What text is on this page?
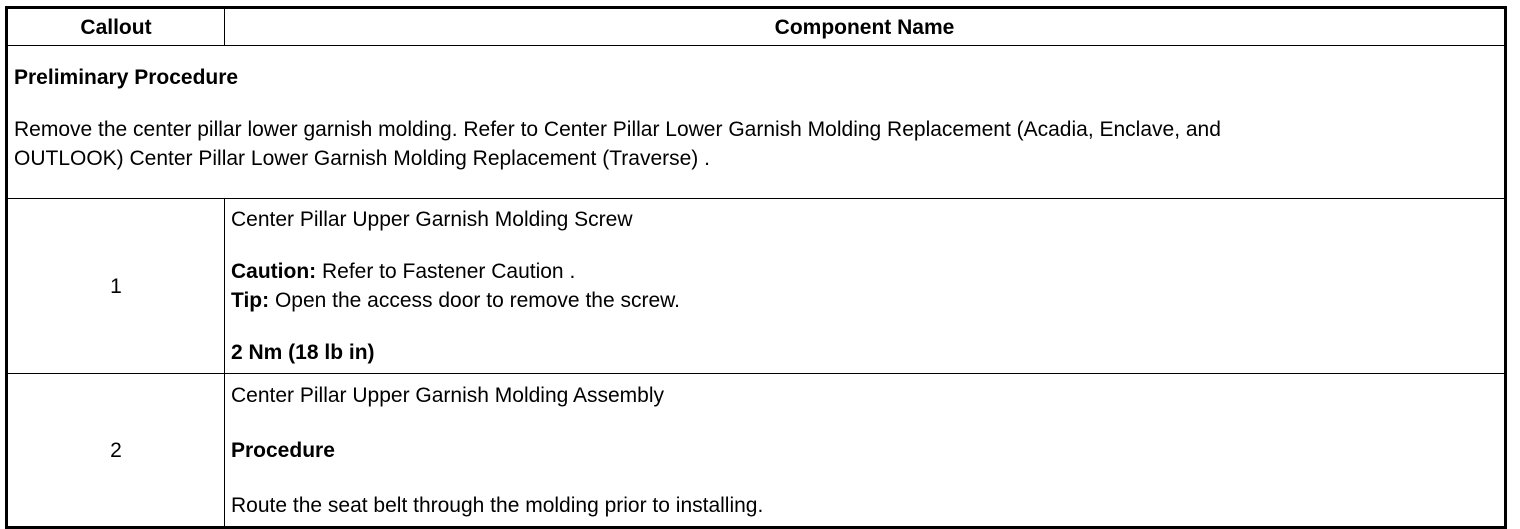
Callout	Component Name

Preliminary Procedure
Remove the center pillar lower garnish molding. Refer to Center Pillar Lower Garnish Molding Replacement (Acadia, Enclave, and
OUTLOOK) Center Pillar Lower Garnish Molding Replacement (Traverse) .	

1	Center Pillar Upper Garnish Molding Screw
Caution: Refer to Fastener Caution .
Tip: Open the access door to remove the screw.
2 Nm (18 lb in)

2	Center Pillar Upper Garnish Molding Assembly
Procedure
Route the seat belt through the molding prior to installing.
